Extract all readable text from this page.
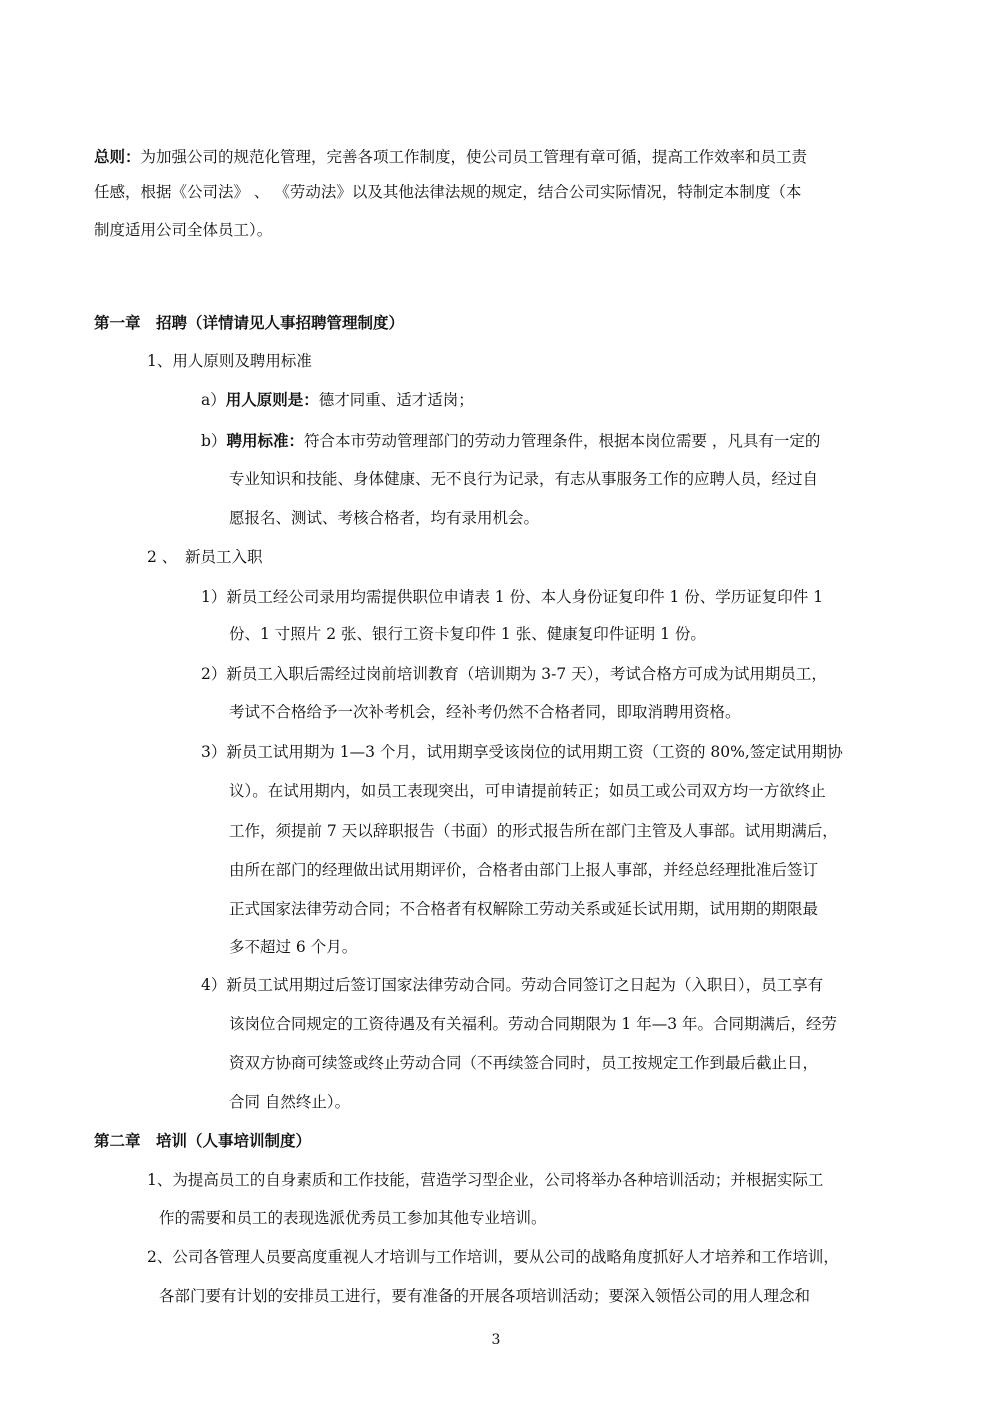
总则：为加强公司的规范化管理，完善各项工作制度，使公司员工管理有章可循，提高工作效率和员工责
任感，根据《公司法》 、 《劳动法》以及其他法律法规的规定，结合公司实际情况，特制定本制度（本
制度适用公司全体员工）。
第一章　招聘（详情请见人事招聘管理制度）
1、用人原则及聘用标准
a）用人原则是：德才同重、适才适岗；
b）聘用标准：符合本市劳动管理部门的劳动力管理条件，根据本岗位需要 ，凡具有一定的
专业知识和技能、身体健康、无不良行为记录，有志从事服务工作的应聘人员，经过自
愿报名、测试、考核合格者，均有录用机会。
2 、　新员工入职
1）新员工经公司录用均需提供职位申请表 1 份、本人身份证复印件 1 份、学历证复印件 1
份、1 寸照片 2 张、银行工资卡复印件 1 张、健康复印件证明 1 份。
2）新员工入职后需经过岗前培训教育（培训期为 3-7 天），考试合格方可成为试用期员工，
考试不合格给予一次补考机会，经补考仍然不合格者同，即取消聘用资格。
3）新员工试用期为 1—3 个月，试用期享受该岗位的试用期工资（工资的 80%,签定试用期协
议）。在试用期内，如员工表现突出，可申请提前转正；如员工或公司双方均一方欲终止
工作，须提前 7 天以辞职报告（书面）的形式报告所在部门主管及人事部。试用期满后，
由所在部门的经理做出试用期评价，合格者由部门上报人事部，并经总经理批准后签订
正式国家法律劳动合同；不合格者有权解除工劳动关系或延长试用期，试用期的期限最
多不超过 6 个月。
4）新员工试用期过后签订国家法律劳动合同。劳动合同签订之日起为（入职日），员工享有
该岗位合同规定的工资待遇及有关福利。劳动合同期限为 1 年—3 年。合同期满后，经劳
资双方协商可续签或终止劳动合同（不再续签合同时，员工按规定工作到最后截止日，
合同 自然终止）。
第二章　培训（人事培训制度）
1、为提高员工的自身素质和工作技能，营造学习型企业，公司将举办各种培训活动；并根据实际工
作的需要和员工的表现选派优秀员工参加其他专业培训。
2、公司各管理人员要高度重视人才培训与工作培训，要从公司的战略角度抓好人才培养和工作培训，
各部门要有计划的安排员工进行，要有准备的开展各项培训活动；要深入领悟公司的用人理念和
3
